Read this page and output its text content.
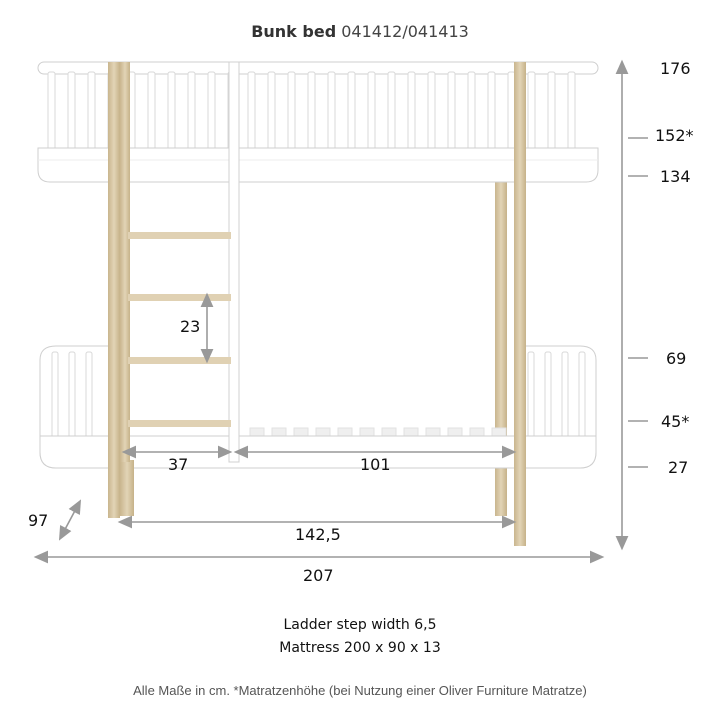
Bunk bed 041412/041413
176
152*
134
69
45*
27
23
37	101
142,5
207
97
Ladder step width 6,5
Mattress 200 x 90 x 13
Alle Maße in cm. *Matratzenhöhe (bei Nutzung einer Oliver Furniture Matratze)
